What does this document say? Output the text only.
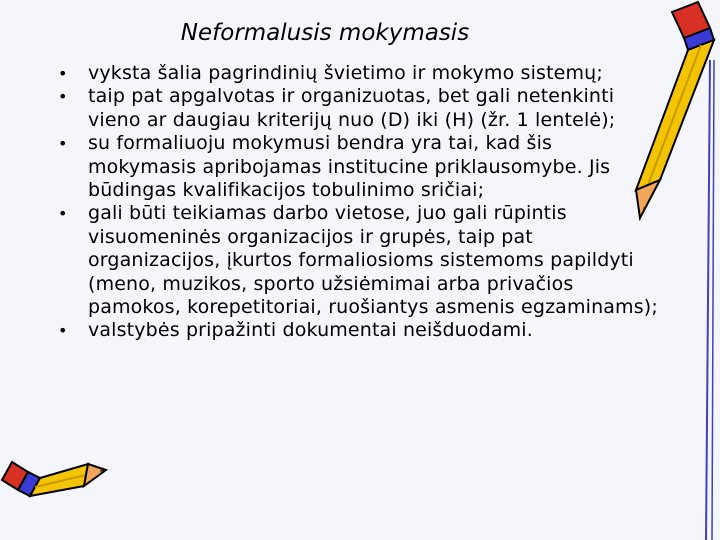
Neformalusis mokymasis
• vyksta šalia pagrindinių švietimo ir mokymo sistemų;
• taip pat apgalvotas ir organizuotas, bet gali netenkinti vieno ar daugiau kriterijų nuo (D) iki (H) (žr. 1 lentelė);
• su formaliuoju mokymusi bendra yra tai, kad šis mokymasis apribojamas institucine priklausomybe. Jis būdingas kvalifikacijos tobulinimo sričiai;
• gali būti teikiamas darbo vietose, juo gali rūpintis visuomeninės organizacijos ir grupės, taip pat organizacijos, įkurtos formaliosioms sistemoms papildyti (meno, muzikos, sporto užsiėmimai arba privačios pamokos, korepetitoriai, ruošiantys asmenis egzaminams);
• valstybės pripažinti dokumentai neišduodami.
